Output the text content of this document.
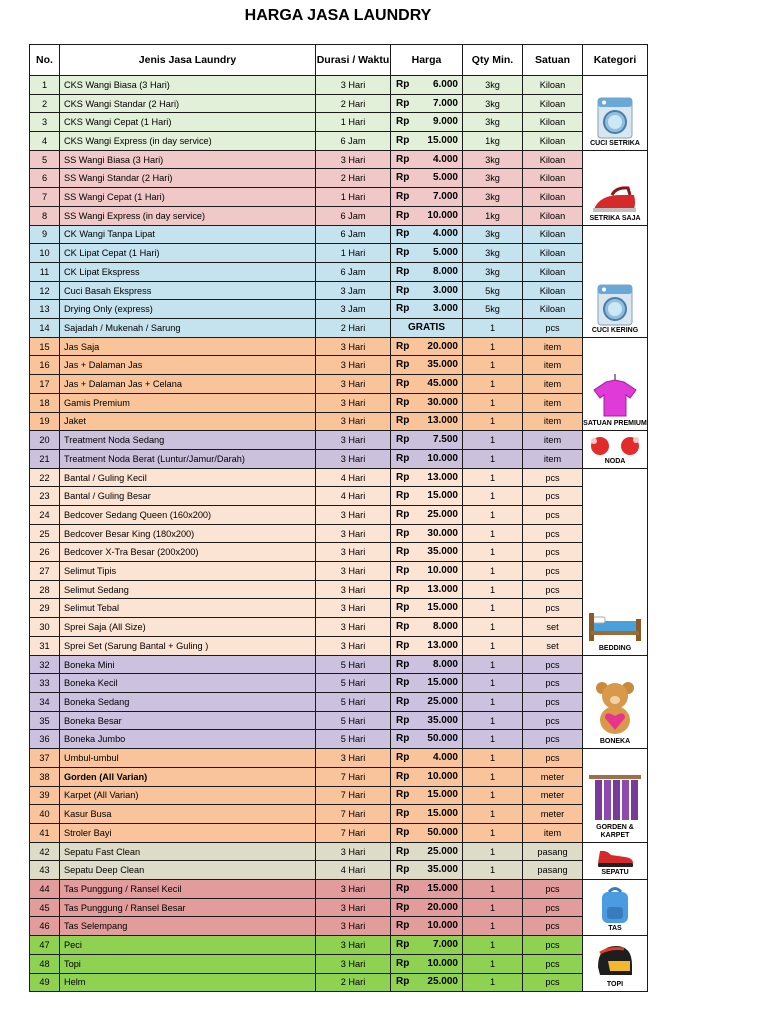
HARGA JASA LAUNDRY
No.	Jenis Jasa Laundry	Durasi / Waktu	Harga	Qty Min.	Satuan	Kategori
1	CKS Wangi Biasa (3 Hari)	3 Hari	Rp 6.000	3kg	Kiloan	CUCI SETRIKA

2	CKS Wangi Standar (2 Hari)	2 Hari	Rp 7.000	3kg	Kiloan	
3	CKS Wangi Cepat (1 Hari)	1 Hari	Rp 9.000	3kg	Kiloan	
4	CKS Wangi Express (in day service)	6 Jam	Rp 15.000	1kg	Kiloan	
5	SS Wangi Biasa (3 Hari)	3 Hari	Rp 4.000	3kg	Kiloan	SETRIKA SAJA

6	SS Wangi Standar (2 Hari)	2 Hari	Rp 5.000	3kg	Kiloan	
7	SS Wangi Cepat (1 Hari)	1 Hari	Rp 7.000	3kg	Kiloan	
8	SS Wangi Express (in day service)	6 Jam	Rp 10.000	1kg	Kiloan	
9	CK Wangi Tanpa Lipat	6 Jam	Rp 4.000	3kg	Kiloan	CUCI KERING

10	CK Lipat Cepat (1 Hari)	1 Hari	Rp 5.000	3kg	Kiloan	
11	CK Lipat Ekspress	6 Jam	Rp 8.000	3kg	Kiloan	
12	Cuci Basah Ekspress	3 Jam	Rp 3.000	5kg	Kiloan	
13	Drying Only (express)	3 Jam	Rp 3.000	5kg	Kiloan	
14	Sajadah / Mukenah / Sarung	2 Hari	GRATIS	1	pcs	
15	Jas Saja	3 Hari	Rp 20.000	1	item	SATUAN PREMIUM

16	Jas + Dalaman Jas	3 Hari	Rp 35.000	1	item	
17	Jas + Dalaman Jas + Celana	3 Hari	Rp 45.000	1	item	
18	Gamis Premium	3 Hari	Rp 30.000	1	item	
19	Jaket	3 Hari	Rp 13.000	1	item	
20	Treatment Noda Sedang	3 Hari	Rp 7.500	1	item	NODA

21	Treatment Noda Berat (Luntur/Jamur/Darah)	3 Hari	Rp 10.000	1	item	
22	Bantal / Guling Kecil	4 Hari	Rp 13.000	1	pcs	BEDDING

23	Bantal / Guling Besar	4 Hari	Rp 15.000	1	pcs	
24	Bedcover Sedang Queen (160x200)	3 Hari	Rp 25.000	1	pcs	
25	Bedcover Besar King (180x200)	3 Hari	Rp 30.000	1	pcs	
26	Bedcover X-Tra Besar (200x200)	3 Hari	Rp 35.000	1	pcs	
27	Selimut Tipis	3 Hari	Rp 10.000	1	pcs	
28	Selimut Sedang	3 Hari	Rp 13.000	1	pcs	
29	Selimut Tebal	3 Hari	Rp 15.000	1	pcs	
30	Sprei Saja (All Size)	3 Hari	Rp 8.000	1	set	
31	Sprei Set (Sarung Bantal + Guling )	3 Hari	Rp 13.000	1	set	
32	Boneka Mini	5 Hari	Rp 8.000	1	pcs	BONEKA

33	Boneka Kecil	5 Hari	Rp 15.000	1	pcs	
34	Boneka Sedang	5 Hari	Rp 25.000	1	pcs	
35	Boneka Besar	5 Hari	Rp 35.000	1	pcs	
36	Boneka Jumbo	5 Hari	Rp 50.000	1	pcs	
37	Umbul-umbul	3 Hari	Rp 4.000	1	pcs	GORDEN & KARPET

38	Gorden (All Varian)	7 Hari	Rp 10.000	1	meter	
39	Karpet (All Varian)	7 Hari	Rp 15.000	1	meter	
40	Kasur Busa	7 Hari	Rp 15.000	1	meter	
41	Stroler Bayi	7 Hari	Rp 50.000	1	item	
42	Sepatu Fast Clean	3 Hari	Rp 25.000	1	pasang	SEPATU

43	Sepatu Deep Clean	4 Hari	Rp 35.000	1	pasang	
44	Tas Punggung / Ransel Kecil	3 Hari	Rp 15.000	1	pcs	TAS

45	Tas Punggung / Ransel Besar	3 Hari	Rp 20.000	1	pcs	
46	Tas Selempang	3 Hari	Rp 10.000	1	pcs	
47	Peci	3 Hari	Rp 7.000	1	pcs	TOPI

48	Topi	3 Hari	Rp 10.000	1	pcs	
49	Helm	2 Hari	Rp 25.000	1	pcs	
